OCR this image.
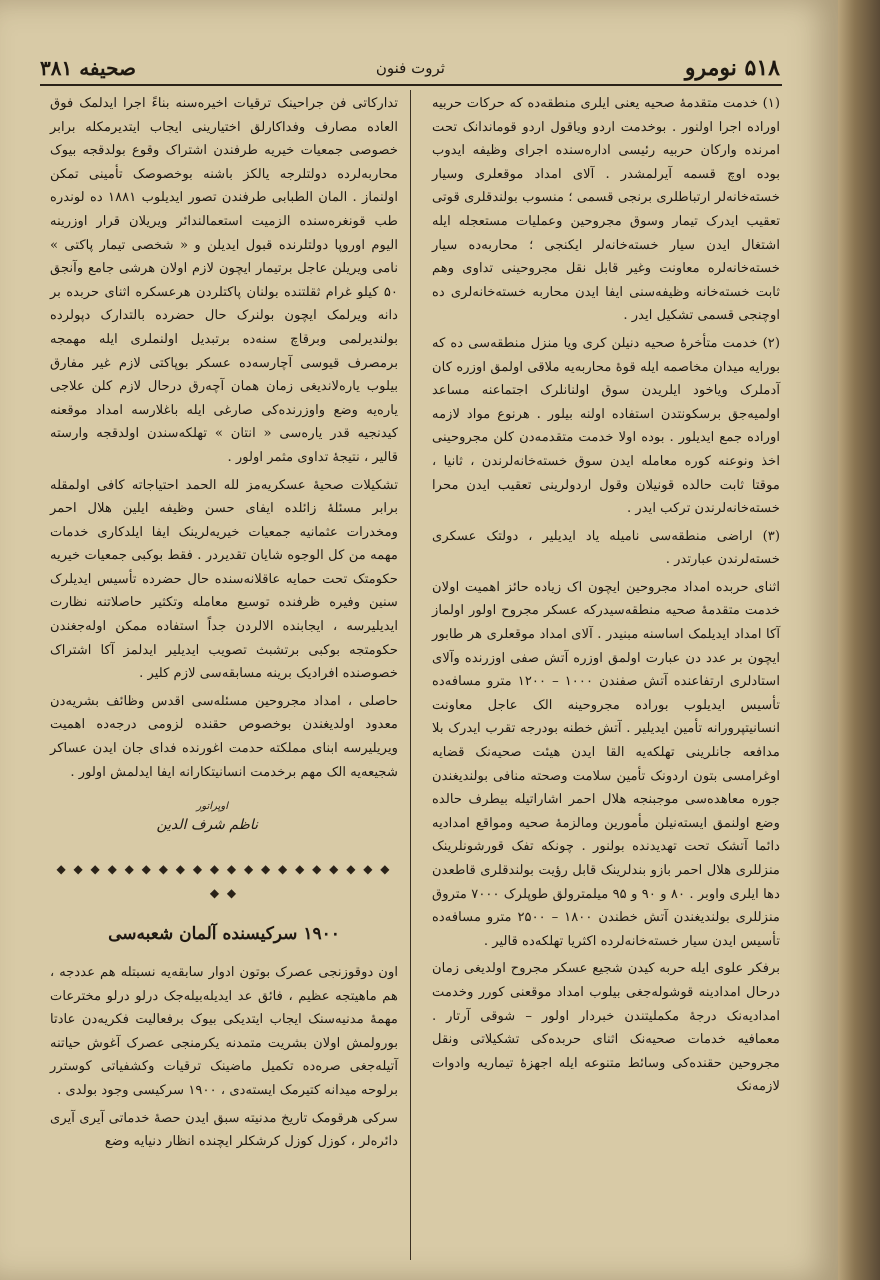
۵۱۸ نومرو
ثروت فنون
صحیفه ۳۸۱

(۱) خدمت متقدمهٔ صحیه یعنی ایلری منطقه‌ده که حرکات حربیه اوراده اجرا اولنور . بوخدمت اردو ویاقول اردو قوماندانک تحت امرنده وارکان حربیه رئیسی اداره‌سنده اجرای وظیفه ایدوب بوده اوچ قسمه آیرلمشدر . آلای امداد موقعلری وسیار خسته‌خانه‌لر ارتباطلری برنجی قسمی ؛ منسوب بولندقلری قوتی تعقیب ایدرک تیمار وسوق مجروحین وعملیات مستعجله ایله اشتغال ایدن سیار خسته‌خانه‌لر ایکنجی ؛ محاربه‌ده سیار خسته‌خانه‌لره معاونت وغیر قابل نقل مجروحینی تداوی وهم ثابت خسته‌خانه وظیفه‌سنی ایفا ایدن محاربه خسته‌خانه‌لری ده اوچنجی قسمی تشکیل ایدر .

(۲) خدمت متأخرهٔ صحیه دنیلن کری ویا منزل منطقه‌سی ده که بورایه میدان مخاصمه ایله قوهٔ محاربه‌یه ملاقی اولمق اوزره کان آدملرک ویاخود ایلریدن سوق اولنانلرک اجتماعنه مساعد اولمیه‌جق برسکونتدن استفاده اولنه بیلور . هرنوع مواد لازمه اوراده جمع ایدیلور . بوده اولا خدمت متقدمه‌دن کلن مجروحینی اخذ ونوعنه کوره معامله ایدن سوق خسته‌خانه‌لرندن ، ثانیا ، موقتا ثابت حالده قونیلان وقول اردولرینی تعقیب ایدن محرا خسته‌خانه‌لرندن ترکب ایدر .

(۳) اراضی منطقه‌سی نامیله یاد ایدیلیر ، دولتک عسکری خسته‌لرندن عبارتدر .

اثنای حربده امداد مجروحین ایچون اک زیاده حائز اهمیت اولان خدمت متقدمهٔ صحیه منطقه‌سیدرکه عسکر مجروح اولور اولماز آکا امداد ایدیلمک اساسنه مبنیدر . آلای امداد موقعلری هر طابور ایچون بر عدد دن عبارت اولمق اوزره آتش صفی اوزرنده وآلای استادلری ارتفاعنده آتش صفندن ۱۰۰۰ – ۱۲۰۰ مترو مسافه‌ده تأسیس ایدیلوب بوراده مجروحینه الک عاجل معاونت انسانیتپرورانه تأمین ایدیلیر . آتش خطنه بودرجه تقرب ایدرک بلا مدافعه جانلرینی تهلکه‌یه القا ایدن هیئت صحیه‌نک قضایه اوغرامسی بتون اردونک تأمین سلامت وصحته منافی بولندیغندن جوره معاهده‌سی موجبنجه هلال احمر اشاراتیله بیطرف حالده وضع اولنمق ایسته‌نیلن مأمورین ومالزمهٔ صحیه ومواقع امدادیه دائما آتشک تحت تهدیدنده بولنور . چونکه تفک قورشونلرینک منزللری هلال احمر بازو بندلرینک قابل رؤیت بولندقلری قاطعدن دها ایلری واوبر . ۸۰ و ۹۰ و ۹۵ میلمترولق طوپلرک ۷۰۰۰ متروق منزللری بولندیغندن آتش خطندن ۱۸۰۰ – ۲۵۰۰ مترو مسافه‌ده تأسیس ایدن سیار خسته‌خانه‌لرده اکثریا تهلکه‌ده قالیر .

برفکر علوی ایله حربه کیدن شجیع عسکر مجروح اولدیغی زمان درحال امدادینه قوشوله‌جغی بیلوب امداد موقعنی کورر وخدمت امدادیه‌نک درجهٔ مکملیتندن خبردار اولور – شوقی آرتار . معمافیه خدمات صحیه‌نک اثنای حربده‌کی تشکیلاتی ونقل مجروحین حقنده‌کی وسائط متنوعه ایله اجهزهٔ تیماریه وادوات لازمه‌نک

تدارکاتی فن جراحینک ترقیات اخیره‌سنه بناءً اجرا ایدلمک فوق العاده مصارف وفداکارلق اختیارینی ایجاب ایتدیرمکله برابر خصوصی جمعیات خیریه طرفندن اشتراک وقوع بولدقجه بیوک محاربه‌لرده دولتلرجه یالکز باشنه بوخصوصک تأمینی تمکن اولنماز . المان الطبابی طرفندن تصور ایدیلوب ۱۸۸۱ ده لوندره طب قونغره‌سنده الزمیت استعمالندائر ویریلان قرار اوزرینه الیوم اوروپا دولتلرنده قبول ایدیلن و « شخصی تیمار پاکتی » نامی ویریلن عاجل برتیمار ایچون لازم اولان هرشی جامع وآنجق ۵۰ کیلو غرام ثقلتنده بولنان پاکتلردن هرعسکره اثنای حربده بر دانه ویرلمک ایچون بولنرک حال حضرده بالتدارک دپولرده بولندیرلمی وبرقاچ سنه‌ده برتبدیل اولنملری ایله مهمجه برمصرف قیوسی آچارسه‌ده عسکر بوپاکتی لازم غیر مفارق بیلوب یاره‌لاندیغی زمان همان آچه‌رق درحال لازم کلن علاجی یاره‌یه وضع واوزرنده‌کی صارغی ایله باغلارسه امداد موقعنه کیدنجیه قدر یاره‌سی « انتان » تهلکه‌سندن اولدقجه وارسته قالیر ، نتیجهٔ تداوی مثمر اولور .

تشکیلات صحیهٔ عسکریه‌مز لله الحمد احتیاجاته کافی اولمقله برابر مسئلهٔ زائلده ایفای حسن وظیفه ایلین هلال احمر ومخدرات عثمانیه جمعیات خیریه‌لرینک ایفا ایلدکاری خدمات مهمه من کل الوجوه شایان تقدیردر . فقط بوکبی جمعیات خیریه حکومتک تحت حمایه عاقلانه‌سنده حال حضرده تأسیس ایدیلرک سنین وفیره ظرفنده توسیع معامله وتکثیر حاصلاتنه نظارت ایدیلیرسه ، ایجابنده الالردن جداً استفاده ممکن اوله‌جغندن حکومتجه بوکبی برتشبث تصویب ایدیلیر ایدلمز آکا اشتراک خصوصنده افرادیک برینه مسابقه‌سی لازم کلیر .

حاصلی ، امداد مجروحین مسئله‌سی اقدس وظائف بشریه‌دن معدود اولدیغندن بوخصوص حقنده لزومی درجه‌ده اهمیت ویریلیرسه ابنای مملکته حدمت اغورنده فدای جان ایدن عساکر شجیعه‌یه الک مهم برخدمت انسانیتکارانه ایفا ایدلمش اولور .

اوپراتور
ناظم شرف الدین
◆ ◆ ◆ ◆ ◆ ◆ ◆ ◆ ◆ ◆ ◆ ◆ ◆ ◆ ◆ ◆ ◆ ◆ ◆ ◆ ◆ ◆
۱۹۰۰ سرکیسنده آلمان شعبه‌سی

اون دوقوزنجی عصرک بوتون ادوار سابقه‌یه نسبتله هم عددجه ، هم ماهیتجه عظیم ، فائق عد ایدیله‌بیله‌جک درلو درلو مخترعات مهمهٔ مدنیه‌سنک ایجاب ایتدیکی بیوک برفعالیت فکریه‌دن عادتا بورولمش اولان بشریت متمدنه یکرمنجی عصرک آغوش حیاتنه آتیله‌جغی صره‌ده تکمیل ماضینک ترقیات وکشفیاتی کوسترر برلوحه میدانه کتیرمک ایسته‌دی ، ۱۹۰۰ سرکیسی وجود بولدی .

سرکی هرقومک تاریخ مدنیته سبق ایدن حصهٔ خدماتی آیری آیری دائره‌لر ، کوزل کوزل کرشکلر ایچنده انظار دنیایه وضع
